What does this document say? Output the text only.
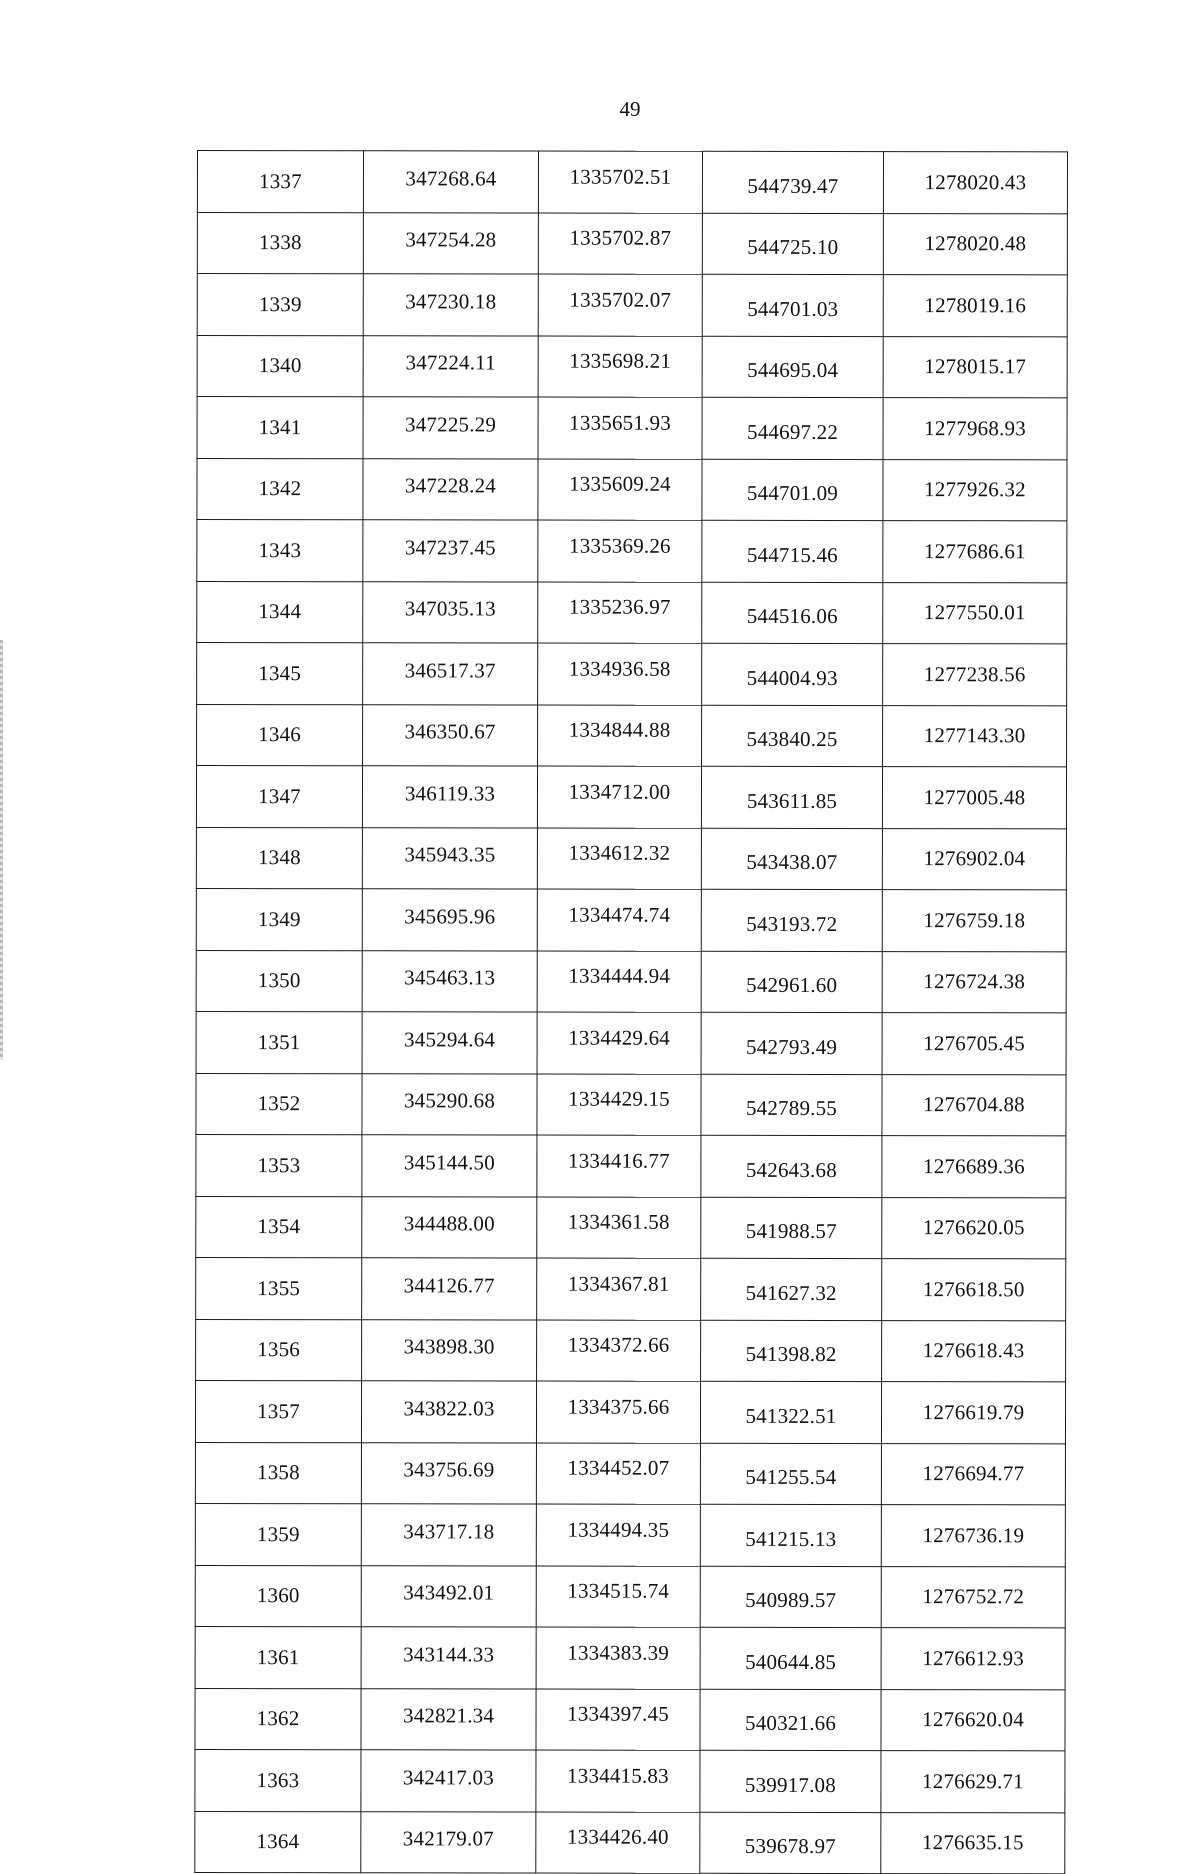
49
1337	347268.64	1335702.51	544739.47	1278020.43
1338	347254.28	1335702.87	544725.10	1278020.48
1339	347230.18	1335702.07	544701.03	1278019.16
1340	347224.11	1335698.21	544695.04	1278015.17
1341	347225.29	1335651.93	544697.22	1277968.93
1342	347228.24	1335609.24	544701.09	1277926.32
1343	347237.45	1335369.26	544715.46	1277686.61
1344	347035.13	1335236.97	544516.06	1277550.01
1345	346517.37	1334936.58	544004.93	1277238.56
1346	346350.67	1334844.88	543840.25	1277143.30
1347	346119.33	1334712.00	543611.85	1277005.48
1348	345943.35	1334612.32	543438.07	1276902.04
1349	345695.96	1334474.74	543193.72	1276759.18
1350	345463.13	1334444.94	542961.60	1276724.38
1351	345294.64	1334429.64	542793.49	1276705.45
1352	345290.68	1334429.15	542789.55	1276704.88
1353	345144.50	1334416.77	542643.68	1276689.36
1354	344488.00	1334361.58	541988.57	1276620.05
1355	344126.77	1334367.81	541627.32	1276618.50
1356	343898.30	1334372.66	541398.82	1276618.43
1357	343822.03	1334375.66	541322.51	1276619.79
1358	343756.69	1334452.07	541255.54	1276694.77
1359	343717.18	1334494.35	541215.13	1276736.19
1360	343492.01	1334515.74	540989.57	1276752.72
1361	343144.33	1334383.39	540644.85	1276612.93
1362	342821.34	1334397.45	540321.66	1276620.04
1363	342417.03	1334415.83	539917.08	1276629.71
1364	342179.07	1334426.40	539678.97	1276635.15
